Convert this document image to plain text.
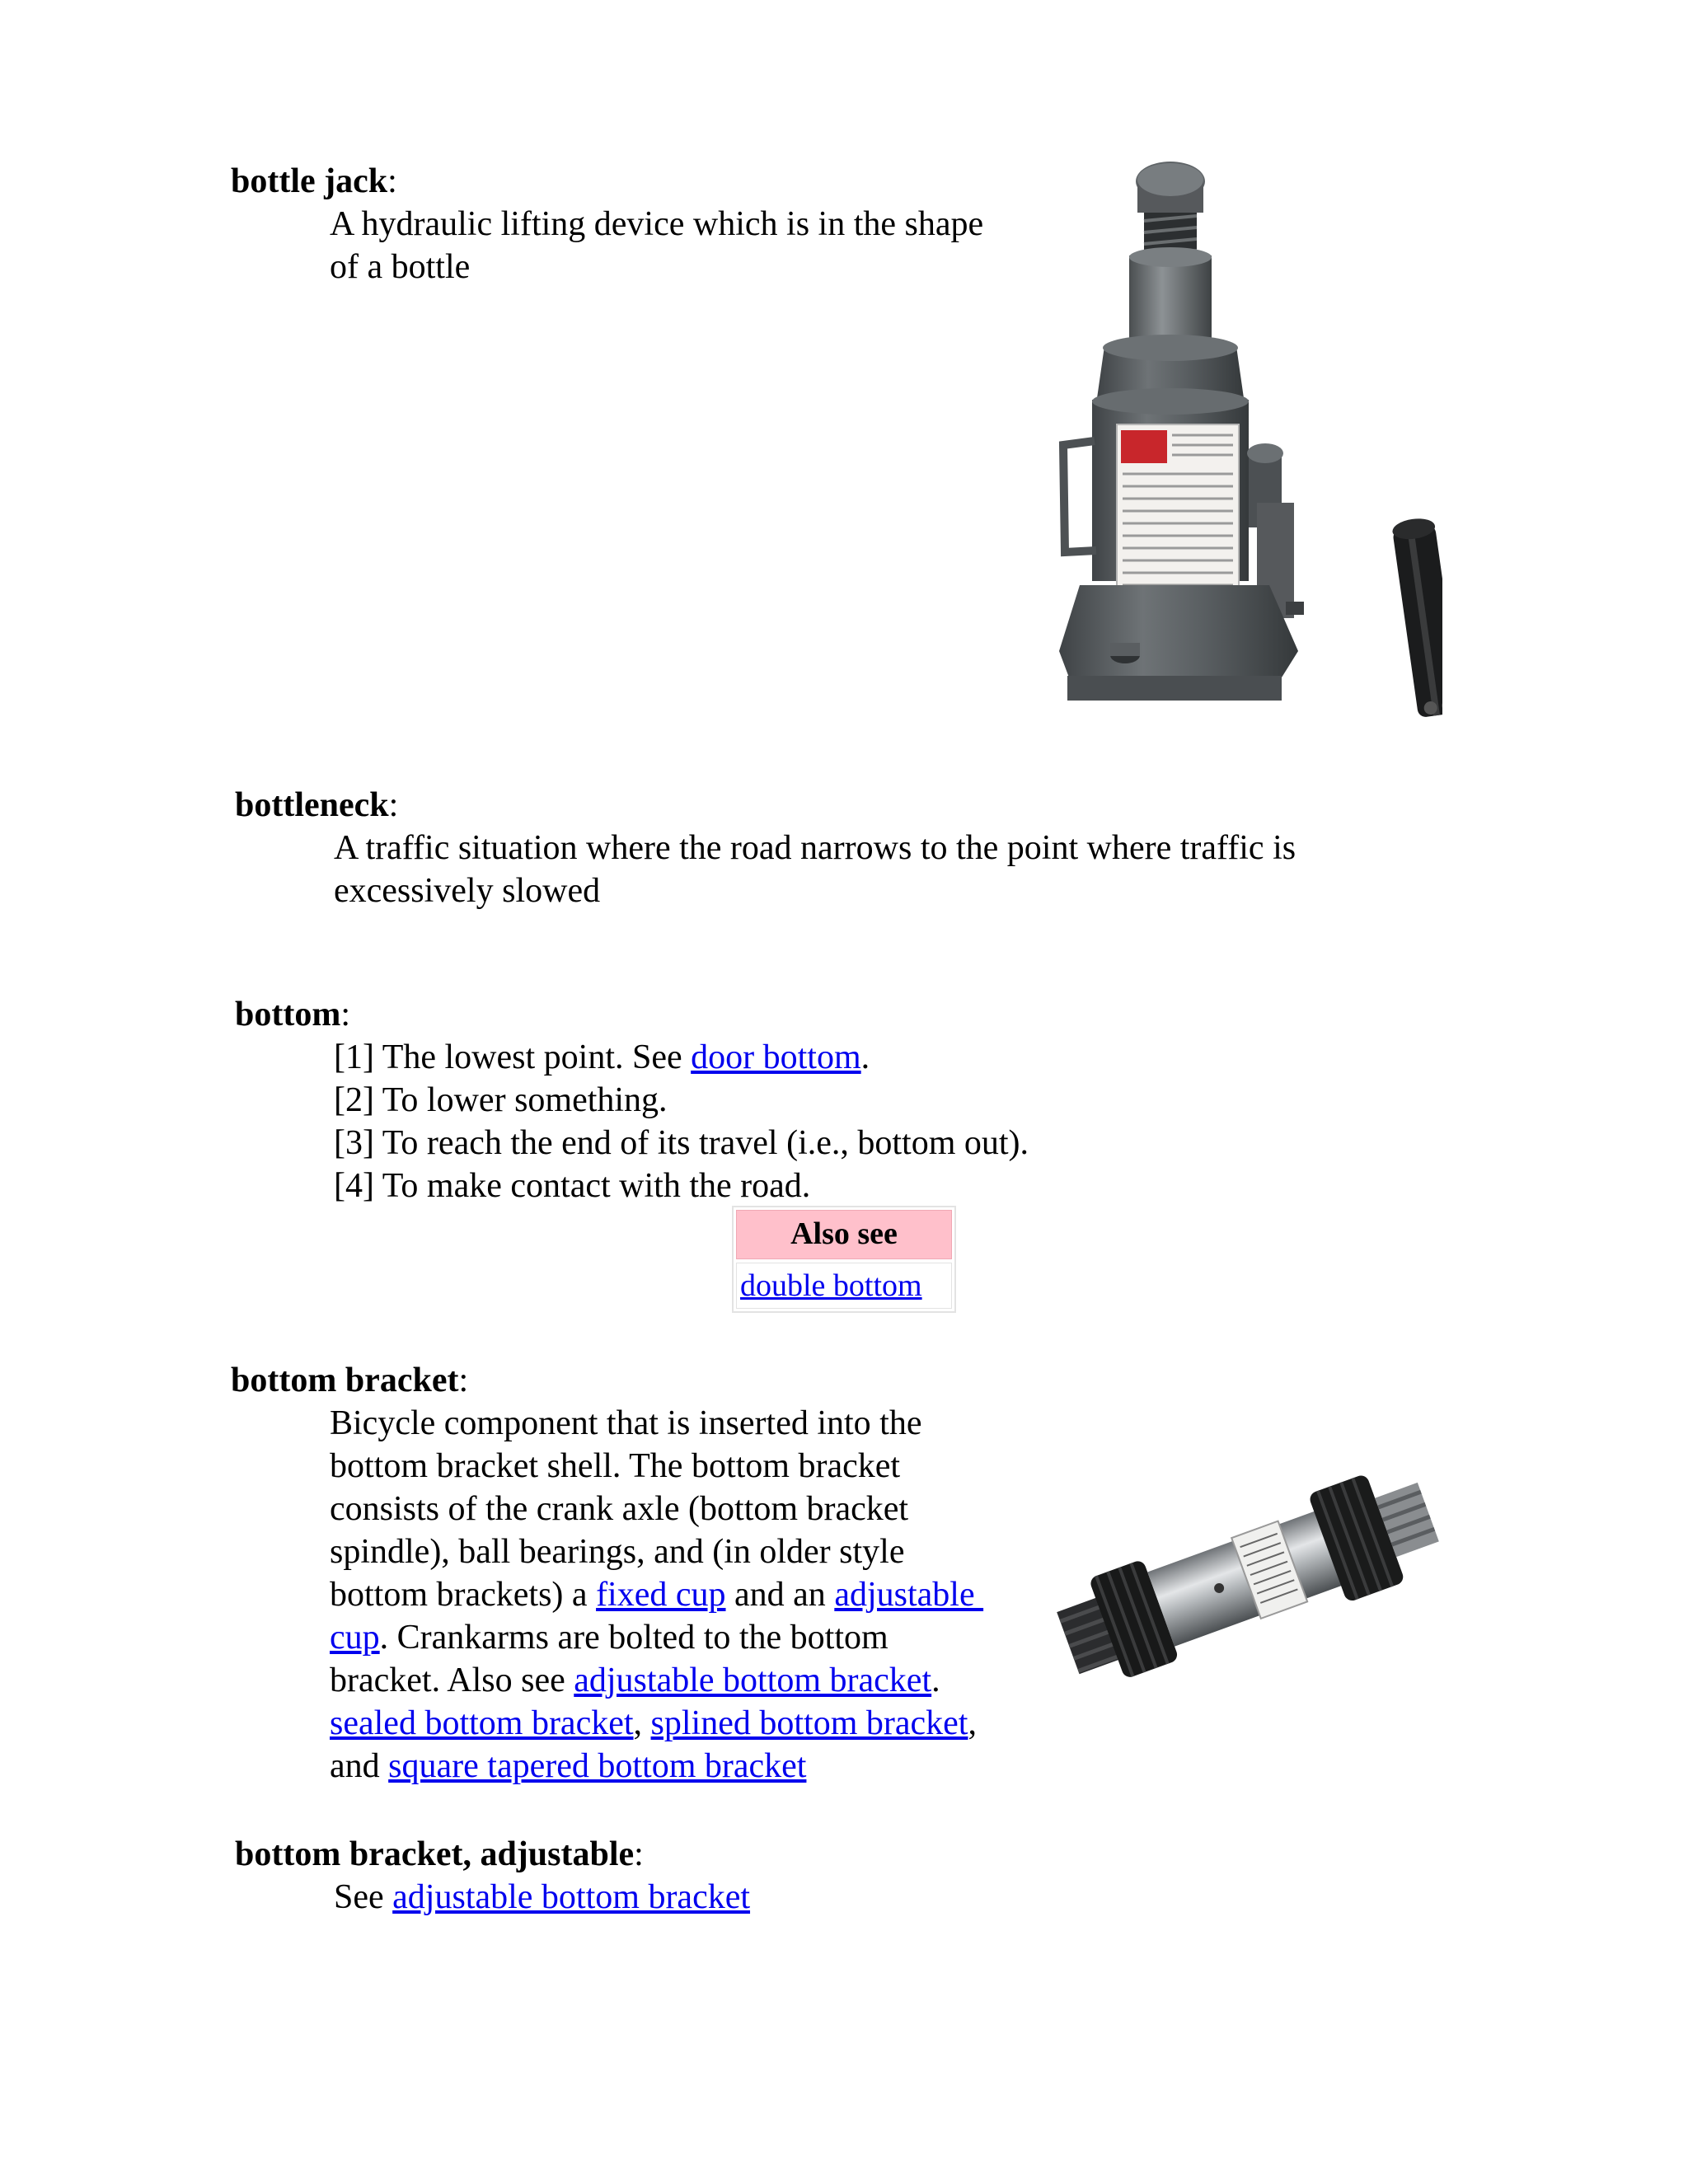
bottle jack:
A hydraulic lifting device which is in the shape
of a bottle
bottleneck:
A traffic situation where the road narrows to the point where traffic is
excessively slowed
bottom:
[1] The lowest point. See door bottom.
[2] To lower something.
[3] To reach the end of its travel (i.e., bottom out).
[4] To make contact with the road.
Also see
double bottom
bottom bracket:
Bicycle component that is inserted into the
bottom bracket shell. The bottom bracket
consists of the crank axle (bottom bracket
spindle), ball bearings, and (in older style
bottom brackets) a fixed cup and an adjustable
cup. Crankarms are bolted to the bottom
bracket. Also see adjustable bottom bracket.
sealed bottom bracket, splined bottom bracket,
and square tapered bottom bracket
bottom bracket, adjustable:
See adjustable bottom bracket
